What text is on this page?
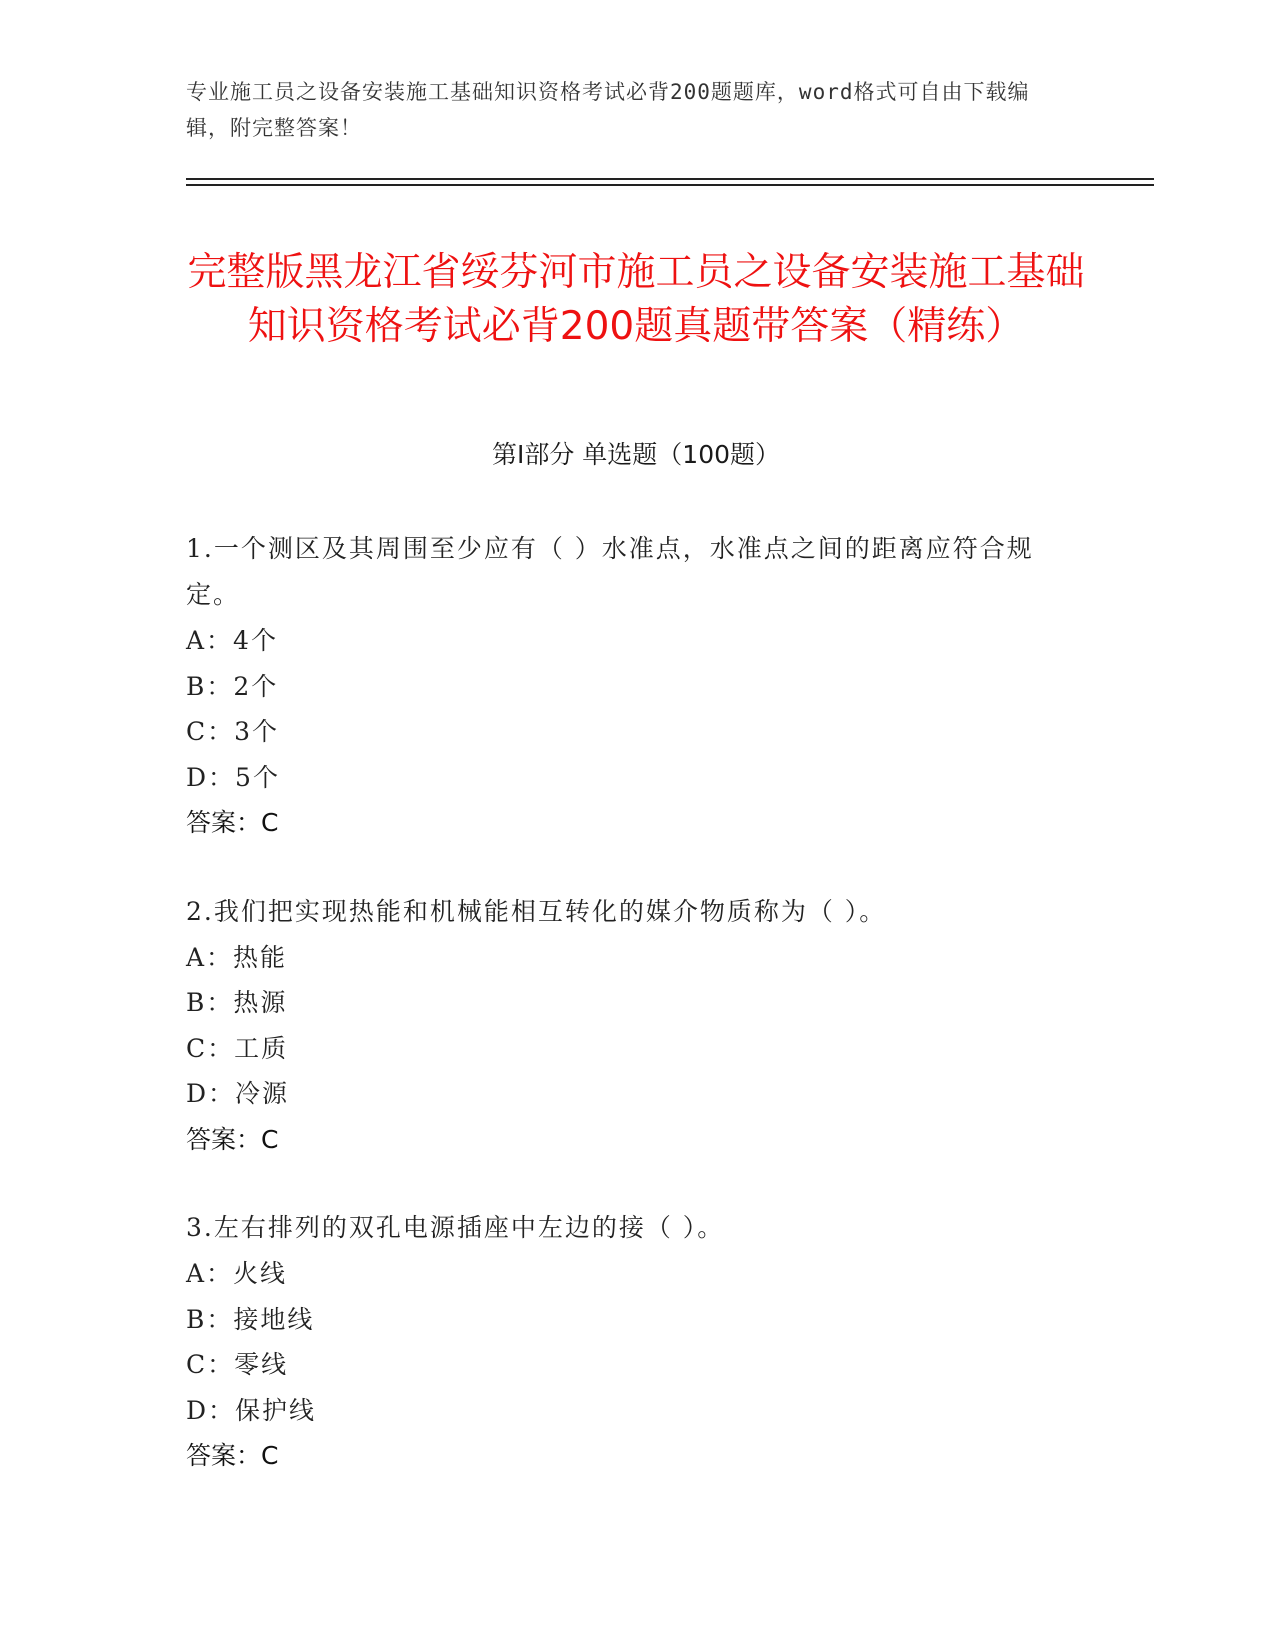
专业施工员之设备安装施工基础知识资格考试必背200题题库，word格式可自由下载编辑，附完整答案！
完整版黑龙江省绥芬河市施工员之设备安装施工基础知识资格考试必背200题真题带答案（精练）
第I部分 单选题（100题）

1.一个测区及其周围至少应有（ ）水准点，水准点之间的距离应符合规定。

A：4个

B：2个

C：3个

D：5个

答案：C

2.我们把实现热能和机械能相互转化的媒介物质称为（ ）。

A：热能

B：热源

C：工质

D：冷源

答案：C

3.左右排列的双孔电源插座中左边的接（ ）。

A：火线

B：接地线

C：零线

D：保护线

答案：C
